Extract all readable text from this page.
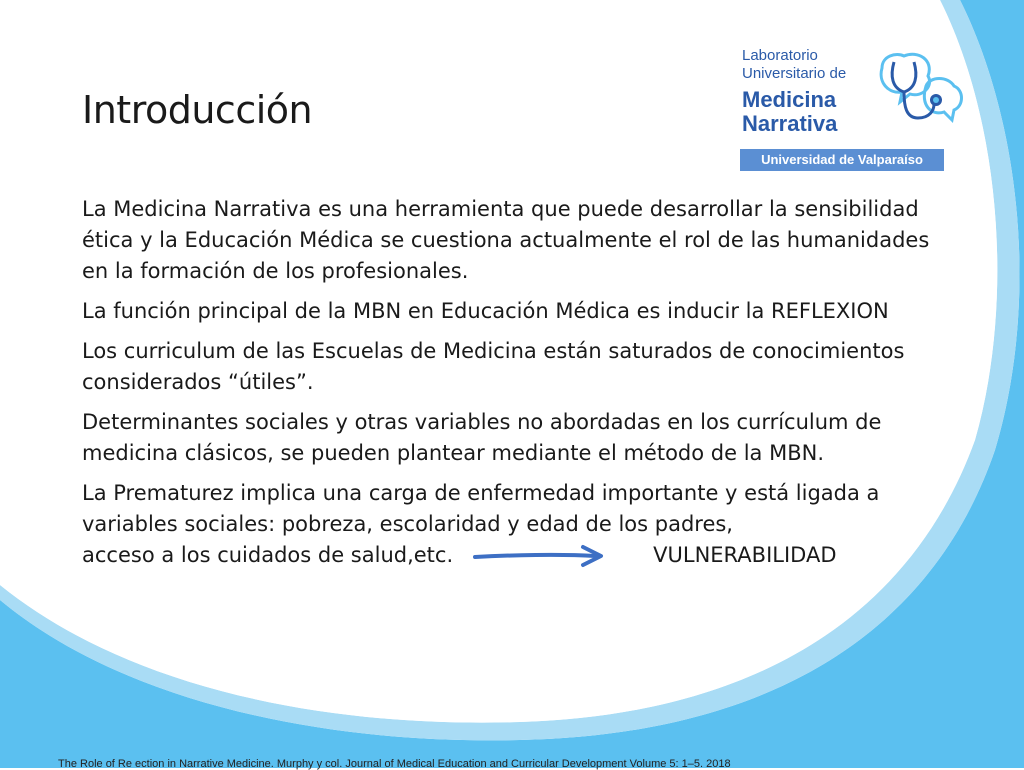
Introducción
Laboratorio
Universitario de
Medicina
Narrativa
Universidad de Valparaíso

La Medicina Narrativa es una herramienta que puede desarrollar la sensibilidad ética y la Educación Médica se cuestiona actualmente el rol de las humanidades en la formación de los profesionales.

La función principal de la MBN en Educación Médica es inducir la REFLEXION

Los curriculum de las Escuelas de Medicina están saturados de conocimientos considerados “útiles”.

Determinantes sociales y otras variables no abordadas en los currículum de medicina clásicos, se pueden plantear mediante el método de la MBN.

La Prematurez implica una carga de enfermedad importante y está ligada a variables sociales: pobreza, escolaridad y edad de los padres,

acceso a los cuidados de salud,etc.	VULNERABILIDAD
The Role of Re ection in Narrative Medicine. Murphy y col. Journal of Medical Education and Curricular Development Volume 5: 1–5. 2018
